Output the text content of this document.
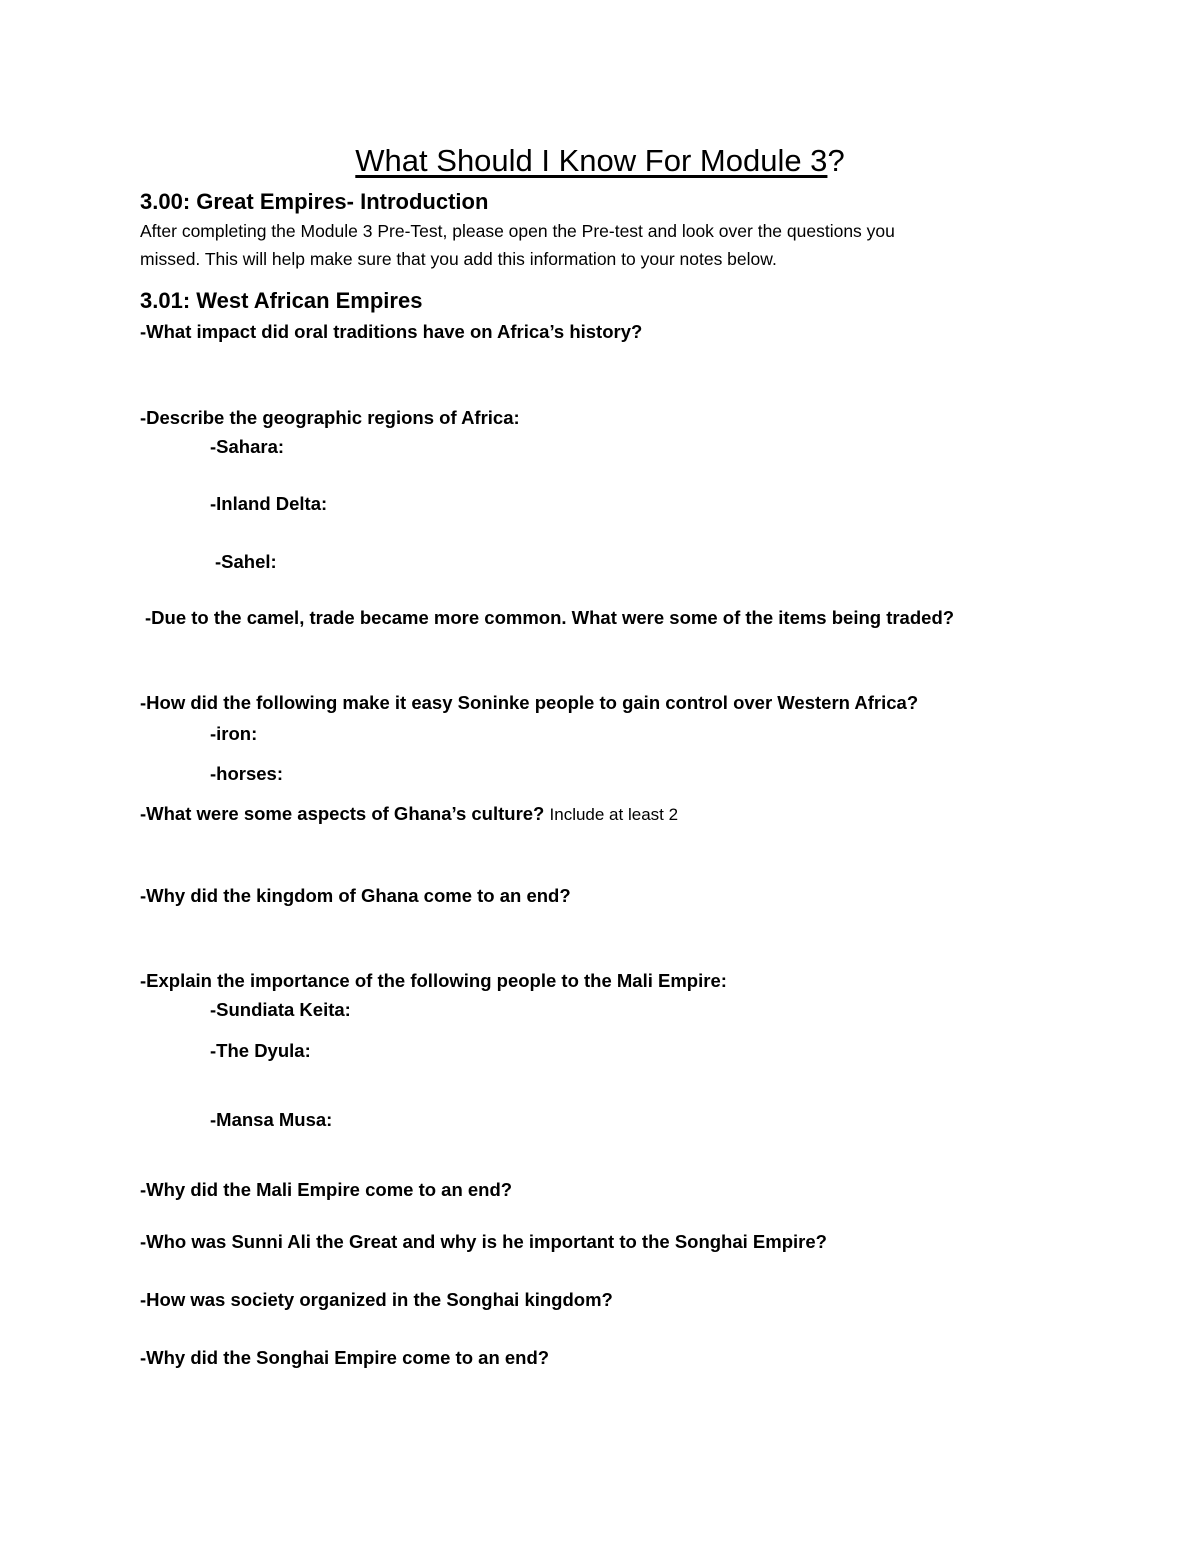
What Should I Know For Module 3?
3.00: Great Empires- Introduction
After completing the Module 3 Pre-Test, please open the Pre-test and look over the questions you
missed. This will help make sure that you add this information to your notes below.
3.01: West African Empires
-What impact did oral traditions have on Africa’s history?
-Describe the geographic regions of Africa:
-Sahara:
-Inland Delta:
-Sahel:
-Due to the camel, trade became more common. What were some of the items being traded?
-How did the following make it easy Soninke people to gain control over Western Africa?
-iron:
-horses:
-What were some aspects of Ghana’s culture? Include at least 2
-Why did the kingdom of Ghana come to an end?
-Explain the importance of the following people to the Mali Empire:
-Sundiata Keita:
-The Dyula:
-Mansa Musa:
-Why did the Mali Empire come to an end?
-Who was Sunni Ali the Great and why is he important to the Songhai Empire?
-How was society organized in the Songhai kingdom?
-Why did the Songhai Empire come to an end?
